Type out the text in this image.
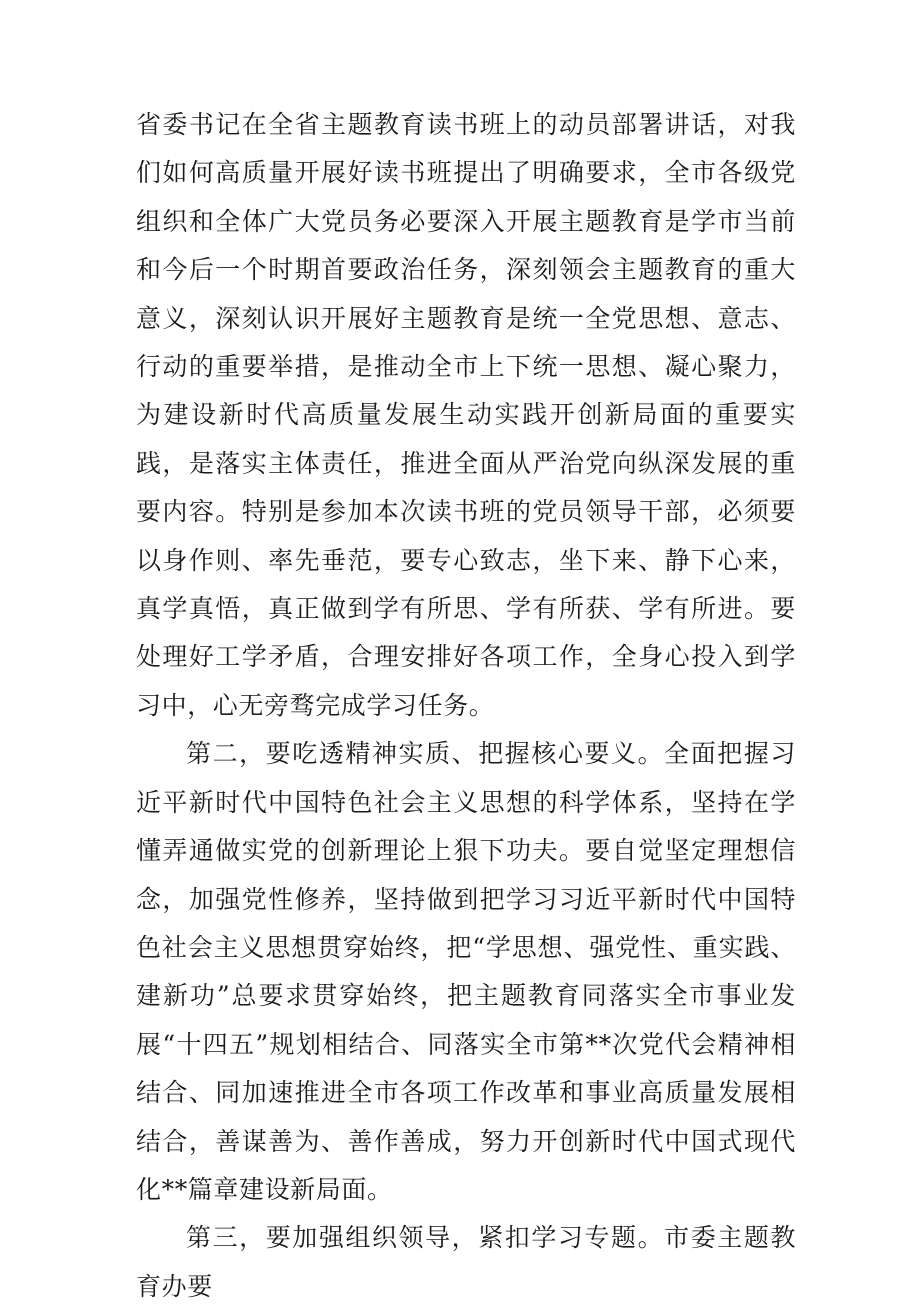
省委书记在全省主题教育读书班上的动员部署讲话，对我们如何高质量开展好读书班提出了明确要求，全市各级党组织和全体广大党员务必要深入开展主题教育是学市当前和今后一个时期首要政治任务，深刻领会主题教育的重大意义，深刻认识开展好主题教育是统一全党思想、意志、行动的重要举措，是推动全市上下统一思想、凝心聚力，为建设新时代高质量发展生动实践开创新局面的重要实践，是落实主体责任，推进全面从严治党向纵深发展的重要内容。特别是参加本次读书班的党员领导干部，必须要以身作则、率先垂范，要专心致志，坐下来、静下心来，真学真悟，真正做到学有所思、学有所获、学有所进。要处理好工学矛盾，合理安排好各项工作，全身心投入到学习中，心无旁骛完成学习任务。

第二，要吃透精神实质、把握核心要义。全面把握习近平新时代中国特色社会主义思想的科学体系，坚持在学懂弄通做实党的创新理论上狠下功夫。要自觉坚定理想信念，加强党性修养，坚持做到把学习习近平新时代中国特色社会主义思想贯穿始终，把“学思想、强党性、重实践、建新功”总要求贯穿始终，把主题教育同落实全市事业发展“十四五”规划相结合、同落实全市第**次党代会精神相结合、同加速推进全市各项工作改革和事业高质量发展相结合，善谋善为、善作善成，努力开创新时代中国式现代化**篇章建设新局面。

第三，要加强组织领导，紧扣学习专题。市委主题教育办要
